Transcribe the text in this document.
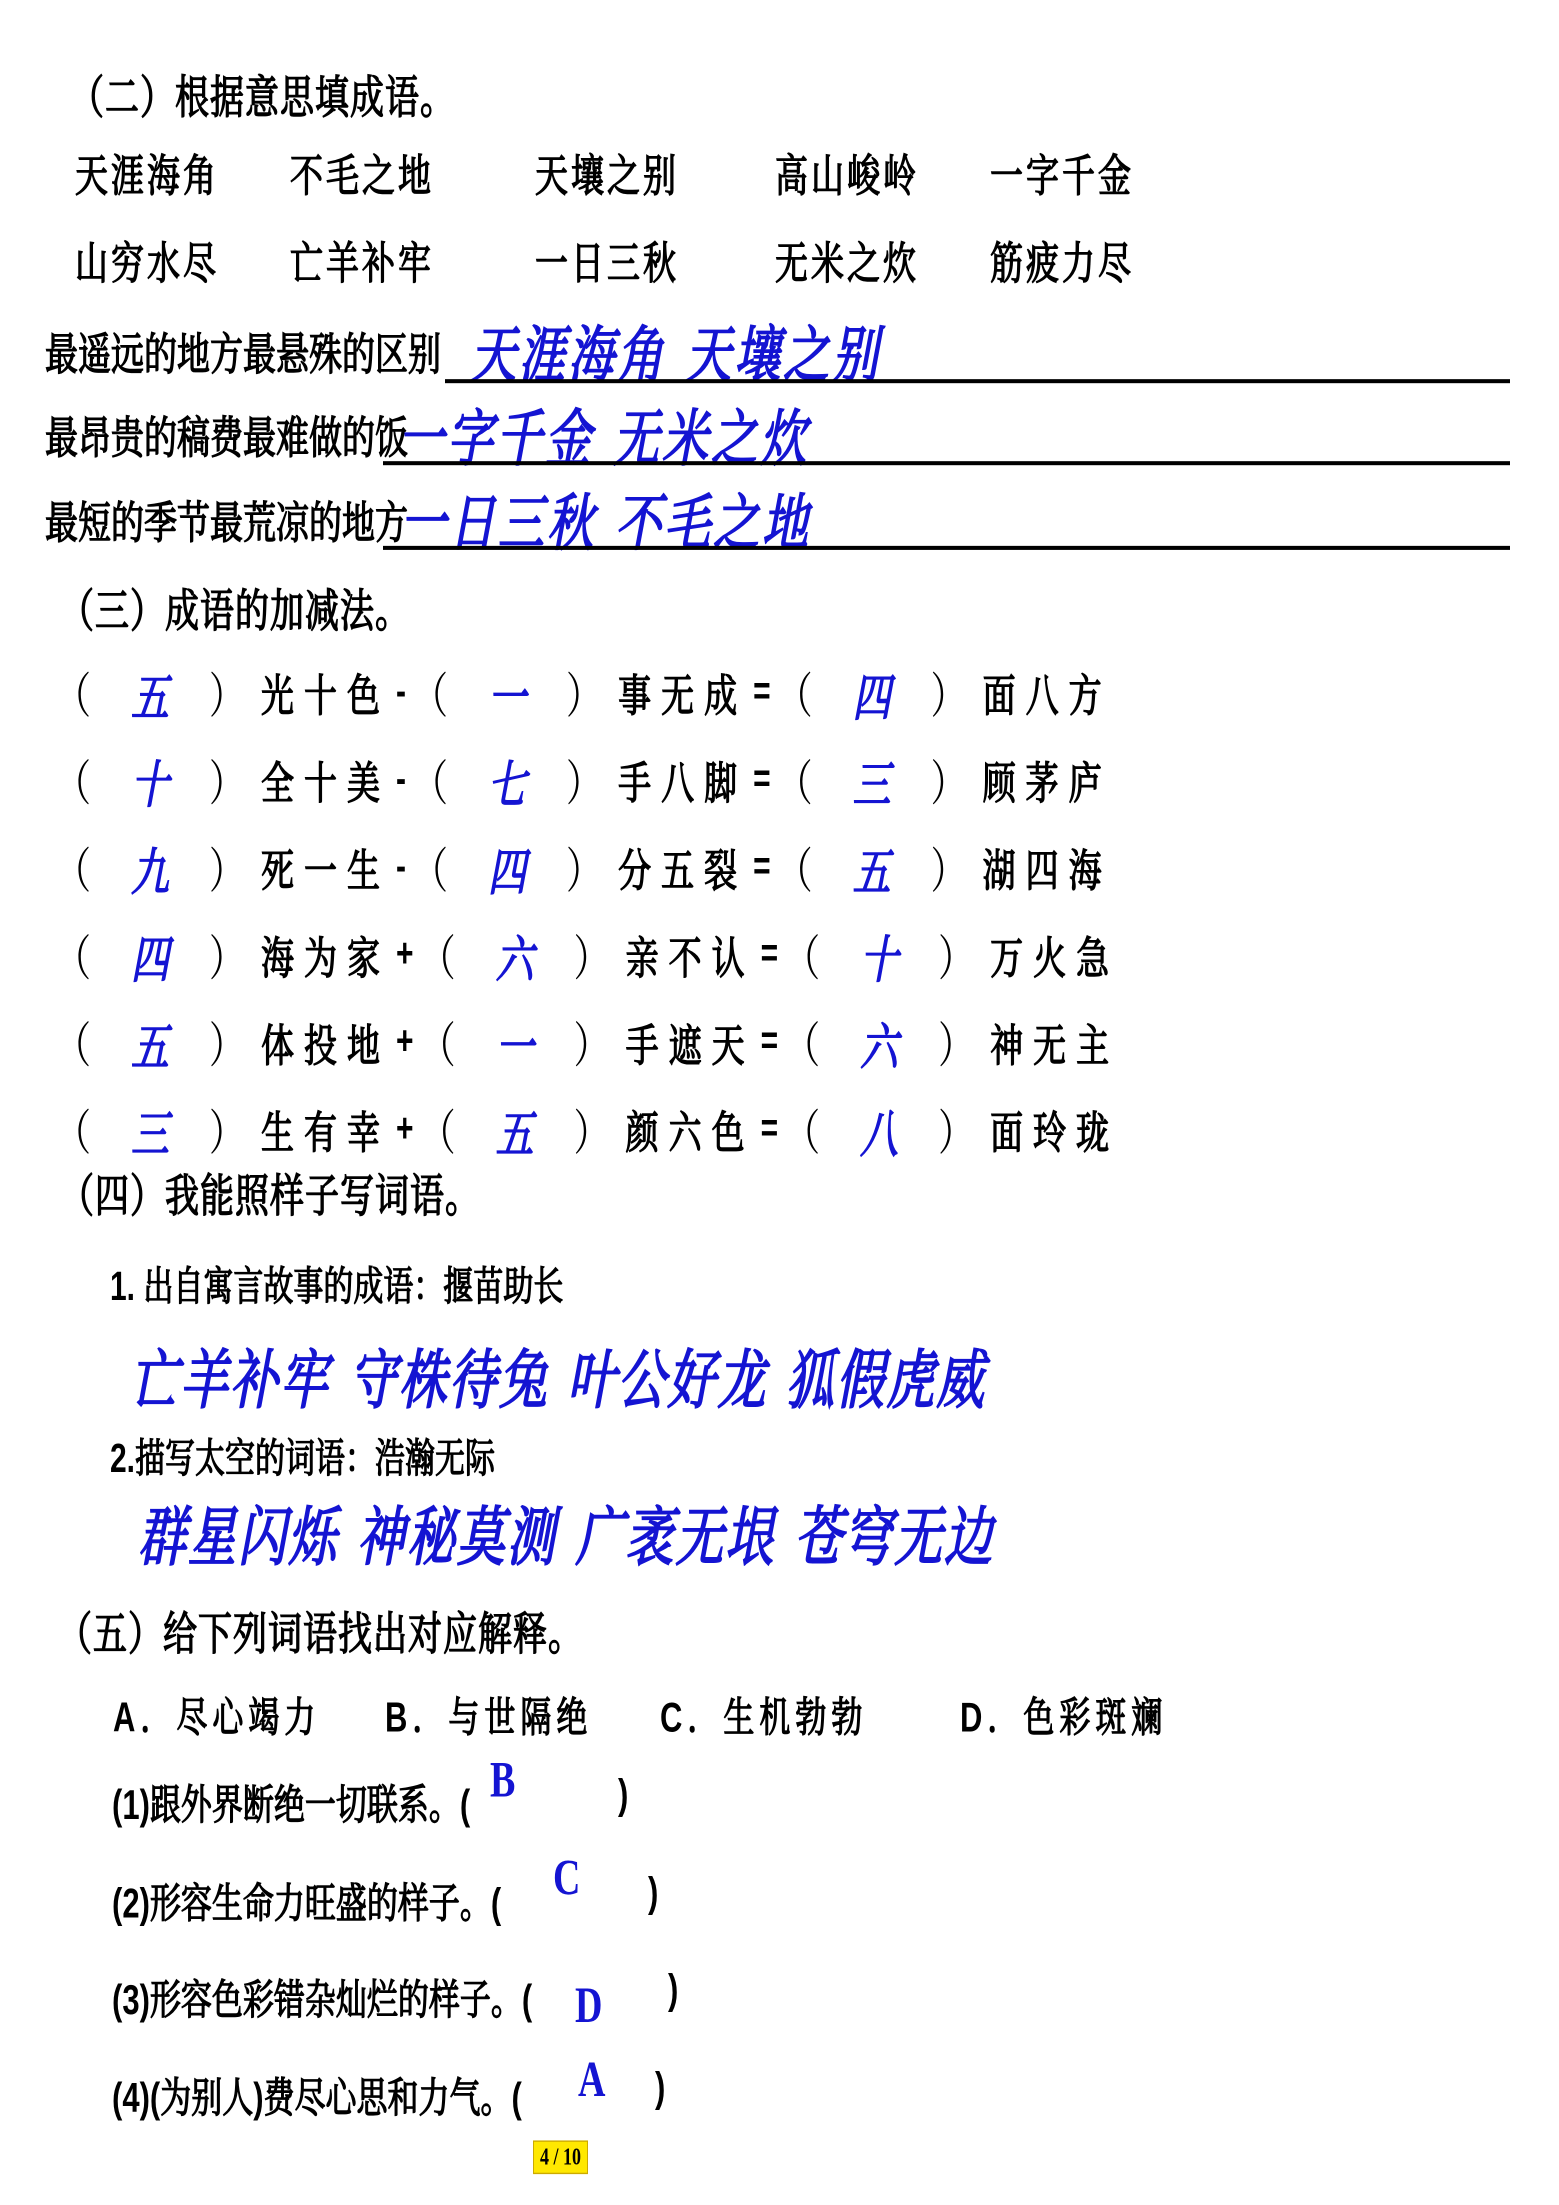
（二）根据意思填成语。
天涯海角	不毛之地	天壤之别	高山峻岭	一字千金
山穷水尽	亡羊补牢	一日三秋	无米之炊	筋疲力尽
最遥远的地方最悬殊的区别 天涯海角 天壤之别
最昂贵的稿费最难做的饭
一字千金 无米之炊
最短的季节最荒凉的地方
一日三秋 不毛之地
（三）成语的加减法。
（	五	） 光十色 - （	一	） 事无成 = （	四	） 面八方
（	十	） 全十美 - （	七	） 手八脚 = （	三	） 顾茅庐
（	九	） 死一生 - （	四	） 分五裂 = （	五	） 湖四海
（	四	） 海为家 + （	六	） 亲不认 = （	十	） 万火急
（	五	） 体投地 + （	一	） 手遮天 = （	六	） 神无主
（	三	） 生有幸 + （	五	） 颜六色 = （	八	） 面玲珑
（四）我能照样子写词语。
1. 出自寓言故事的成语：揠苗助长
亡羊补牢 守株待兔 叶公好龙 狐假虎威
2.描写太空的词语：浩瀚无际
群星闪烁 神秘莫测 广袤无垠 苍穹无边
（五）给下列词语找出对应解释。
A．尽心竭力 B．与世隔绝 C．生机勃勃	D．色彩斑斓
(1)跟外界断绝一切联系。( B	)
(2)形容生命力旺盛的样子。( C )
(3)形容色彩错杂灿烂的样子。( D )
(4)(为别人)费尽心思和力气。( A )
4 / 10
